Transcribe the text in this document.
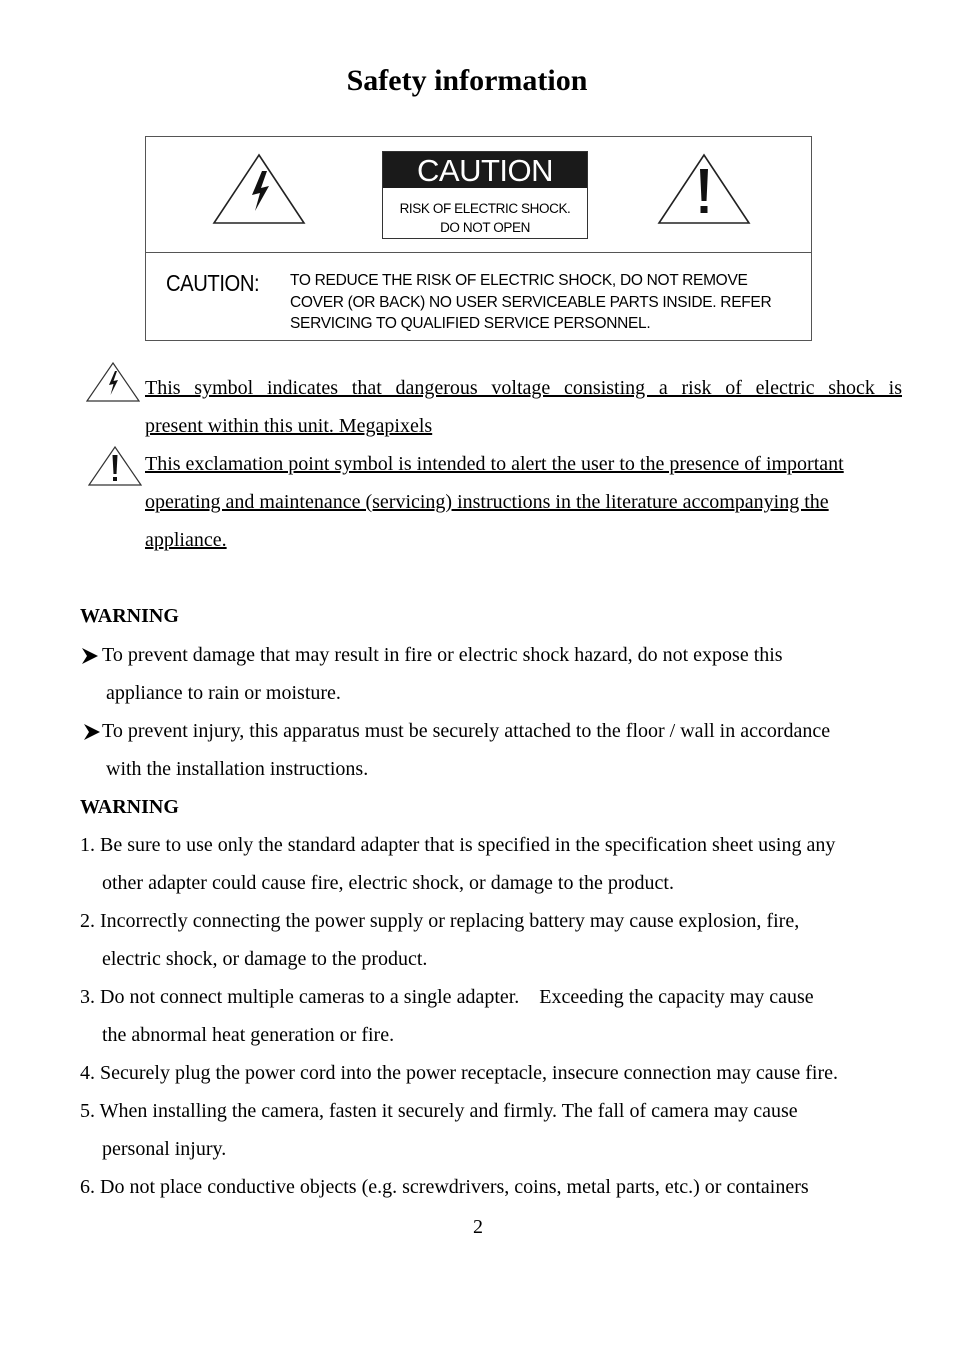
Safety information
CAUTION
RISK OF ELECTRIC SHOCK.
DO NOT OPEN
CAUTION: TO REDUCE THE RISK OF ELECTRIC SHOCK, DO NOT REMOVE
COVER (OR BACK) NO USER SERVICEABLE PARTS INSIDE. REFER
SERVICING TO QUALIFIED SERVICE PERSONNEL.
This symbol indicates that dangerous voltage consisting a risk of electric shock is
present within this unit. Megapixels
This exclamation point symbol is intended to alert the user to the presence of important
operating and maintenance (servicing) instructions in the literature accompanying the
appliance.
WARNING
To prevent damage that may result in fire or electric shock hazard, do not expose this
appliance to rain or moisture.
To prevent injury, this apparatus must be securely attached to the floor / wall in accordance
with the installation instructions.
WARNING
1. Be sure to use only the standard adapter that is specified in the specification sheet using any
other adapter could cause fire, electric shock, or damage to the product.
2. Incorrectly connecting the power supply or replacing battery may cause explosion, fire,
electric shock, or damage to the product.
3. Do not connect multiple cameras to a single adapter.    Exceeding the capacity may cause
the abnormal heat generation or fire.
4. Securely plug the power cord into the power receptacle, insecure connection may cause fire.
5. When installing the camera, fasten it securely and firmly. The fall of camera may cause
personal injury.
6. Do not place conductive objects (e.g. screwdrivers, coins, metal parts, etc.) or containers
2
